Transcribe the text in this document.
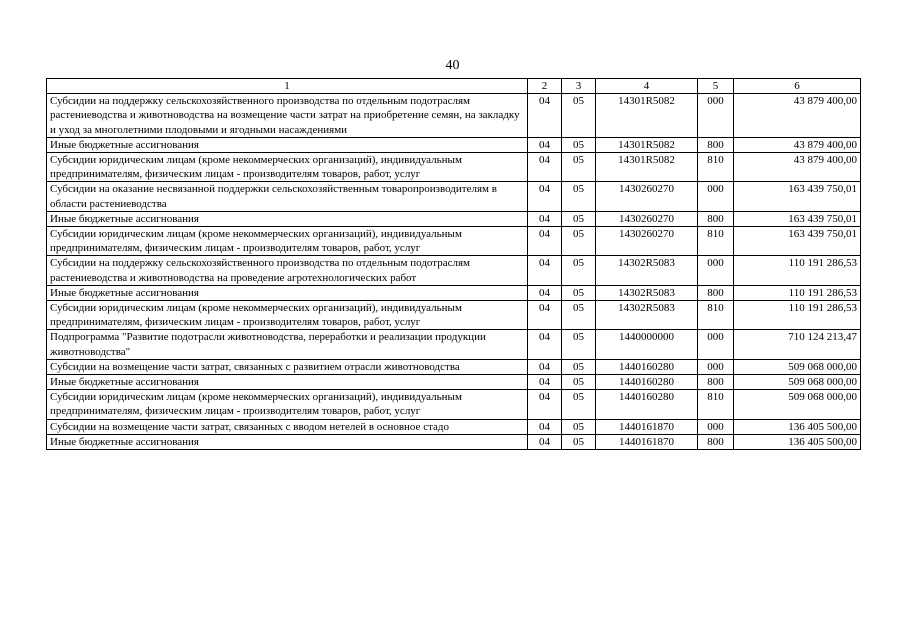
40
1	2	3	4	5	6
Субсидии на поддержку сельскохозяйственного производства по отдельным подотраслям растениеводства и животноводства на возмещение части затрат на приобретение семян, на закладку и уход за многолетними плодовыми и ягодными насаждениями	04	05	14301R5082	000	43 879 400,00
Иные бюджетные ассигнования	04	05	14301R5082	800	43 879 400,00
Субсидии юридическим лицам (кроме некоммерческих организаций), индивидуальным предпринимателям, физическим лицам - производителям товаров, работ, услуг	04	05	14301R5082	810	43 879 400,00
Субсидии на оказание несвязанной поддержки сельскохозяйственным товаропроизводителям в области растениеводства	04	05	1430260270	000	163 439 750,01
Иные бюджетные ассигнования	04	05	1430260270	800	163 439 750,01
Субсидии юридическим лицам (кроме некоммерческих организаций), индивидуальным предпринимателям, физическим лицам - производителям товаров, работ, услуг	04	05	1430260270	810	163 439 750,01
Субсидии на поддержку сельскохозяйственного производства по отдельным подотраслям растениеводства и животноводства на проведение агротехнологических работ	04	05	14302R5083	000	110 191 286,53
Иные бюджетные ассигнования	04	05	14302R5083	800	110 191 286,53
Субсидии юридическим лицам (кроме некоммерческих организаций), индивидуальным предпринимателям, физическим лицам - производителям товаров, работ, услуг	04	05	14302R5083	810	110 191 286,53
Подпрограмма "Развитие подотрасли животноводства, переработки и реализации продукции животноводства"	04	05	1440000000	000	710 124 213,47
Субсидии на возмещение части затрат, связанных с развитием отрасли животноводства	04	05	1440160280	000	509 068 000,00
Иные бюджетные ассигнования	04	05	1440160280	800	509 068 000,00
Субсидии юридическим лицам (кроме некоммерческих организаций), индивидуальным предпринимателям, физическим лицам - производителям товаров, работ, услуг	04	05	1440160280	810	509 068 000,00
Субсидии на возмещение части затрат, связанных с вводом нетелей в основное стадо	04	05	1440161870	000	136 405 500,00
Иные бюджетные ассигнования	04	05	1440161870	800	136 405 500,00
